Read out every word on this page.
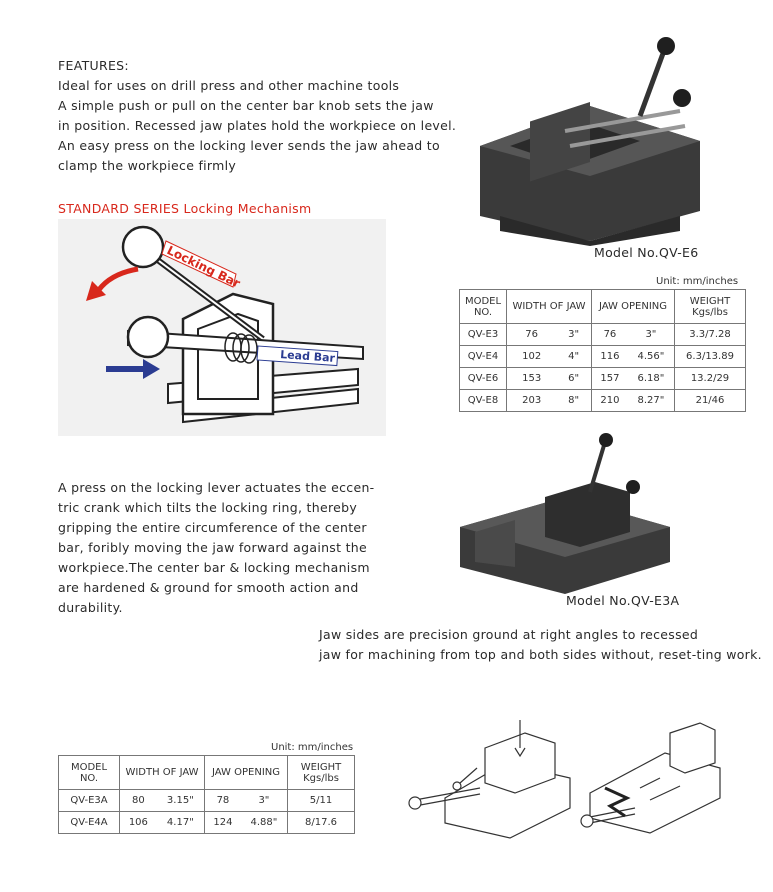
FEATURES:
Ideal for uses on drill press and other machine tools
A simple push or pull on the center bar knob sets the jaw
in position. Recessed jaw plates hold the workpiece on level.
An easy press on the locking lever sends the jaw ahead to
clamp the workpiece firmly
STANDARD SERIES Locking Mechanism
Locking Bar
Lead Bar
Model No.QV-E6
Unit: mm/inches
MODEL NO.	WIDTH OF JAW		JAW OPENING		WEIGHT Kgs/lbs
QV-E3	76	3"	76	3"	3.3/7.28
QV-E4	102	4"	116	4.56"	6.3/13.89
QV-E6	153	6"	157	6.18"	13.2/29
QV-E8	203	8"	210	8.27"	21/46
A press on the locking lever actuates the eccen-
tric crank which tilts the locking ring, thereby
gripping the entire circumference of the center
bar, foribly moving the jaw forward against the
workpiece.The center bar & locking mechanism
are hardened & ground for smooth action and
durability.	Model No.QV-E3A
Jaw sides are precision ground at right angles to recessed
jaw for machining from top and both sides without, reset-ting work.
Unit: mm/inches
MODEL NO.	WIDTH OF JAW		JAW OPENING		WEIGHT Kgs/lbs
QV-E3A	80	3.15"	78	3"	5/11
QV-E4A	106	4.17"	124	4.88"	8/17.6
